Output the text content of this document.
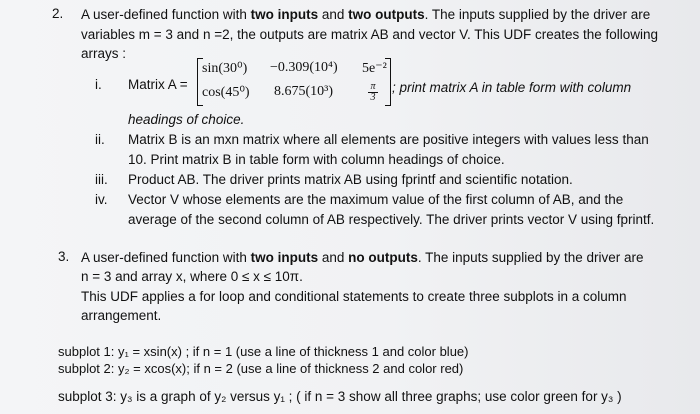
2. A user-defined function with two inputs and two outputs. The inputs supplied by the driver are
variables m = 3 and n =2, the outputs are matrix AB and vector V. This UDF creates the following
arrays :
i. Matrix A =
sin(30⁰) −0.309(10⁴) 5e⁻²
cos(45⁰) 8.675(10³)	$\frac{\pi}{3}$ ; print matrix A in table form with column
headings of choice.
ii. Matrix B is an mxn matrix where all elements are positive integers with values less than
10. Print matrix B in table form with column headings of choice.
iii. Product AB. The driver prints matrix AB using fprintf and scientific notation.
iv. Vector V whose elements are the maximum value of the first column of AB, and the
average of the second column of AB respectively. The driver prints vector V using fprintf.
3. A user-defined function with two inputs and no outputs. The inputs supplied by the driver are
n = 3 and array x, where 0 ≤ x ≤ 10π.
This UDF applies a for loop and conditional statements to create three subplots in a column
arrangement.
subplot 1: y₁ = xsin(x) ; if n = 1 (use a line of thickness 1 and color blue)
subplot 2: y₂ = xcos(x); if n = 2 (use a line of thickness 2 and color red)
subplot 3: y₃ is a graph of y₂ versus y₁ ; ( if n = 3 show all three graphs; use color green for y₃ )
